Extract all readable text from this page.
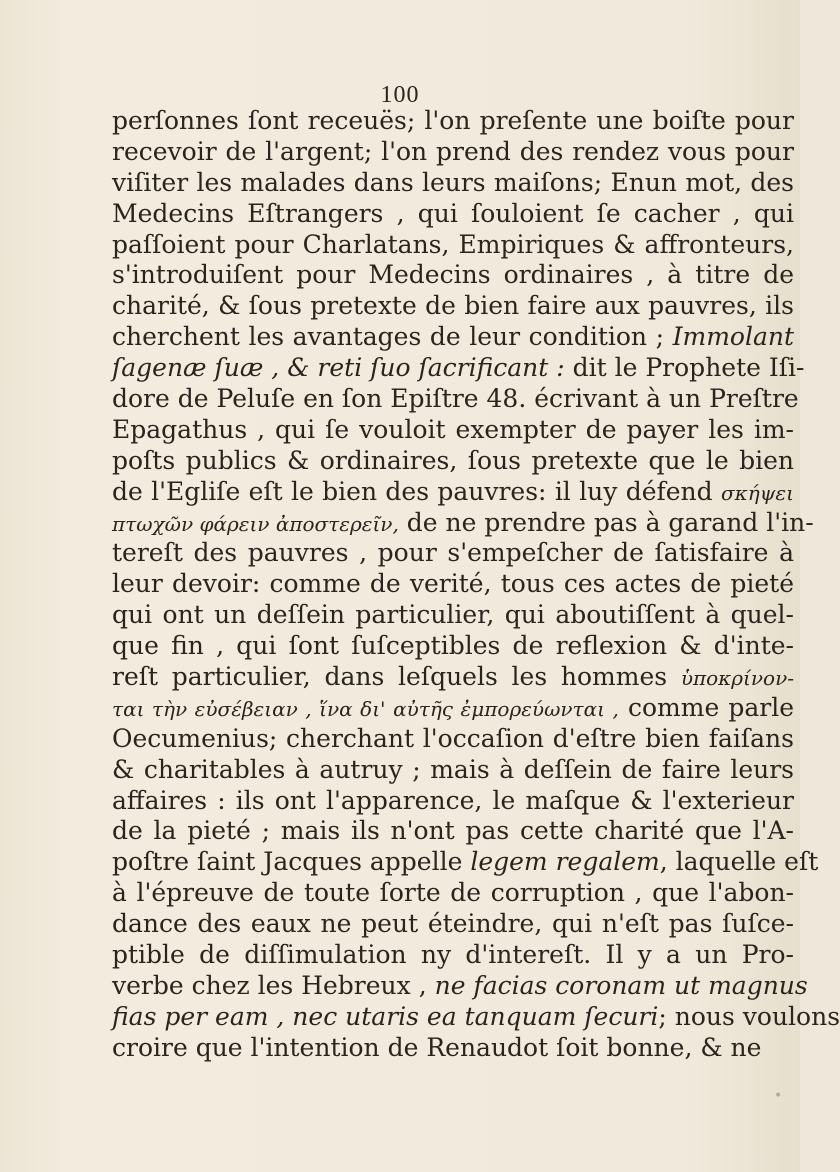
100
perſonnes ſont receuës; l'on preſente une boiſte pour
recevoir de l'argent; l'on prend des rendez vous pour
viſiter les malades dans leurs maiſons; Enun mot, des
Medecins Eſtrangers , qui ſouloient ſe cacher , qui
paſſoient pour Charlatans, Empiriques & affronteurs,
s'introduiſent pour Medecins ordinaires , à titre de
charité, & ſous pretexte de bien faire aux pauvres, ils
cherchent les avantages de leur condition ; Immolant
ſagenæ ſuæ , & reti ſuo ſacrificant : dit le Prophete Iſi-
dore de Peluſe en ſon Epiſtre 48. écrivant à un Preſtre
Epagathus , qui ſe vouloit exempter de payer les im-
poſts publics & ordinaires, ſous pretexte que le bien
de l'Egliſe eſt le bien des pauvres: il luy défend σκήψει
πτωχῶν φάρειν ἀποστερεῖν, de ne prendre pas à garand l'in-
tereſt des pauvres , pour s'empeſcher de ſatisfaire à
leur devoir: comme de verité, tous ces actes de pieté
qui ont un deſſein particulier, qui aboutiſſent à quel-
que fin , qui ſont ſuſceptibles de reflexion & d'inte-
reſt particulier, dans leſquels les hommes ὑποκρίνον-
ται τὴν εὐσέβειαν , ἵνα δι' αὐτῆς ἐμπορεύωνται , comme parle
Oecumenius; cherchant l'occaſion d'eſtre bien faiſans
& charitables à autruy ; mais à deſſein de faire leurs
affaires : ils ont l'apparence, le maſque & l'exterieur
de la pieté ; mais ils n'ont pas cette charité que l'A-
poſtre ſaint Jacques appelle legem regalem, laquelle eſt
à l'épreuve de toute ſorte de corruption , que l'abon-
dance des eaux ne peut éteindre, qui n'eſt pas ſuſce-
ptible de diſſimulation ny d'intereſt. Il y a un Pro-
verbe chez les Hebreux , ne facias coronam ut magnus
fias per eam , nec utaris ea tanquam ſecuri; nous voulons
croire que l'intention de Renaudot ſoit bonne, & ne
•
